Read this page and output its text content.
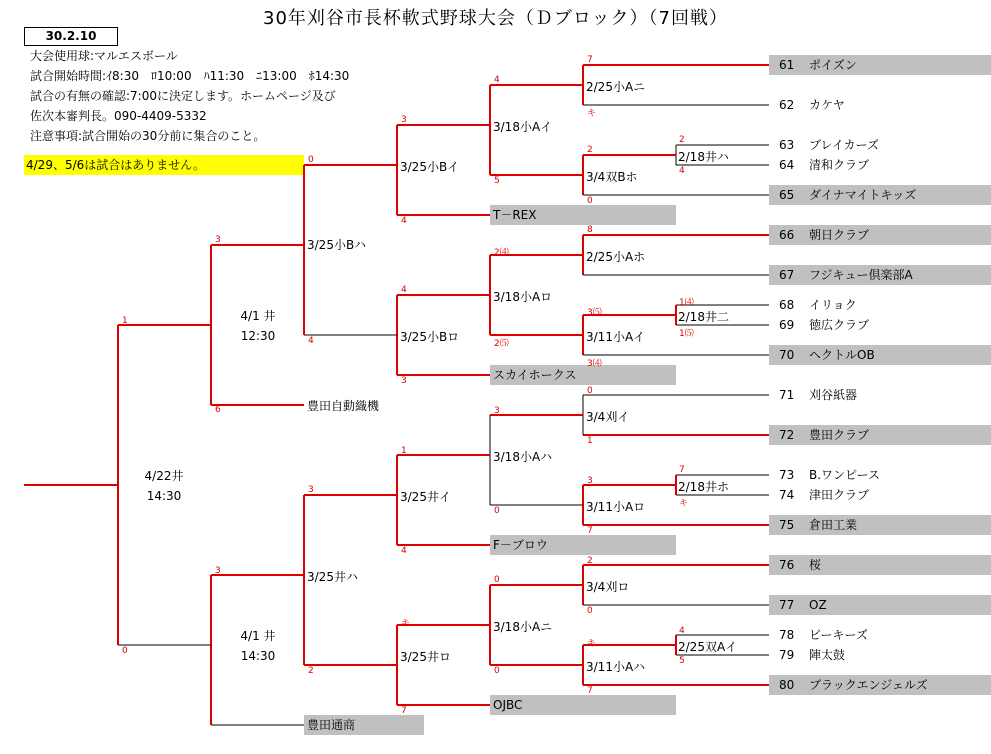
30年刈谷市長杯軟式野球大会（Ｄブロック）（7回戦）
30.2.10
大会使用球:マルエスボール
試合開始時間:ｲ8:30　ﾛ10:00　ﾊ11:30　ﾆ13:00　ﾎ14:30
試合の有無の確認:7:00に決定します。ホームページ及び
佐次本審判長。090-4409-5332
注意事項:試合開始の30分前に集合のこと。
4/29、5/6は試合はありません。
61 ポイズン
62 カケヤ
63 ブレイカーズ
64 清和クラブ
65 ダイナマイトキッズ
66 朝日クラブ
67 フジキュー倶楽部A
68 イリョク
69 徳広クラブ
70 ヘクトルOB
71 刈谷紙器
72 豊田クラブ
73 B.ワンピース
74 津田クラブ
75 倉田工業
76 桜
77 OZ
78 ビーキーズ
79 陣太鼓
80 ブラックエンジェルズ
T－REX
スカイホークス
豊田自動織機
F－ブロウ
OJBC
豊田通商
2/25小Aニ
2/18井ハ
3/4双Bホ
3/18小Aイ
3/25小Bイ
2/25小Aホ
2/18井二
3/11小Aイ
3/18小Aロ
3/25小Bロ
3/25小Bハ
3/4刈イ
2/18井ホ
3/11小Aロ
3/18小Aハ
3/25井イ
3/4刈ロ
2/25双Aイ
3/11小Aハ
3/18小Aニ
3/25井ロ
3/25井ハ
4/1 井
12:30
4/1 井
14:30
4/22井
14:30
7
キ
2
4
2
0
4
5
3
4
8
1⑷
1⑸
3⑸
3⑷
2⑷
2⑸
4
3
0
4
3
6
0
1
7
キ
3
7
3
0
1
4
2
0
キ
4
5
7
キ
0
0
7
3
2
3
1
0
